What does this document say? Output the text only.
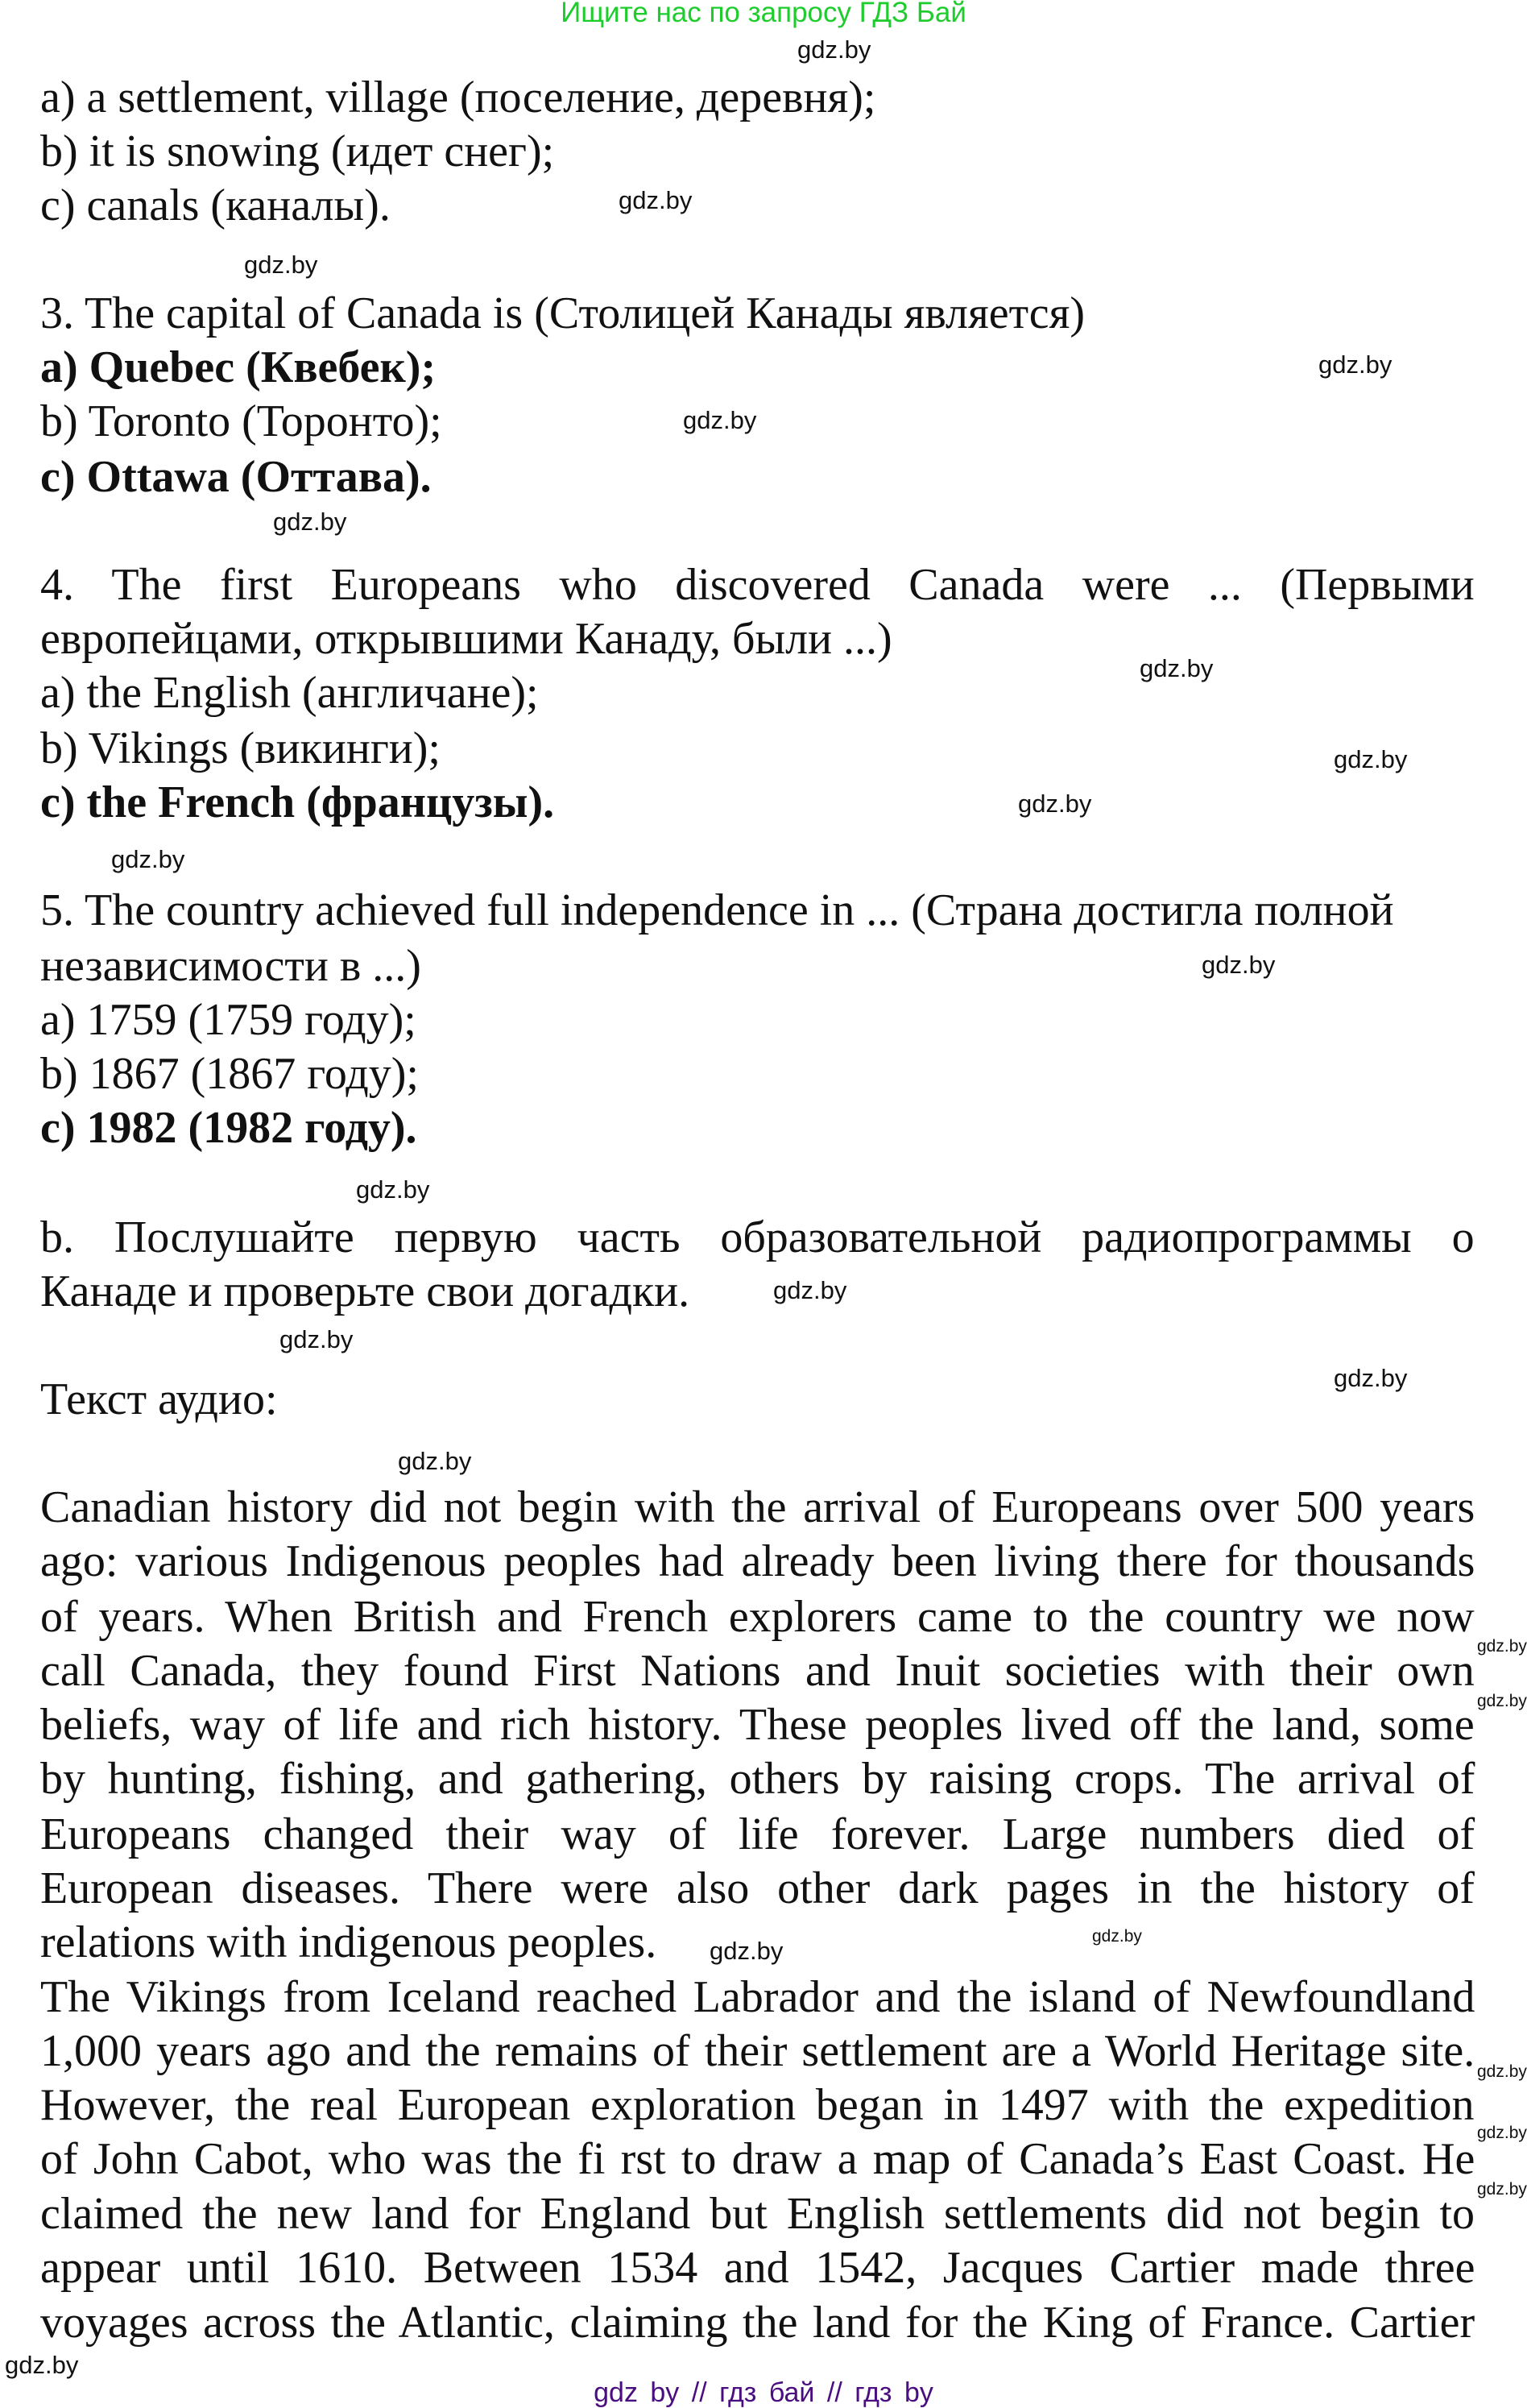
Ищите нас по запросу ГДЗ Бай
a) a settlement, village (поселение, деревня);
b) it is snowing (идет снег);
c) canals (каналы).
3. The capital of Canada is (Столицей Канады является)
a) Quebec (Квебек);
b) Toronto (Торонто);
c) Ottawa (Оттава).
4. The first Europeans who discovered Canada were ... (Первыми
европейцами, открывшими Канаду, были ...)
a) the English (англичане);
b) Vikings (викинги);
c) the French (французы).
5. The country achieved full independence in ... (Страна достигла полной
независимости в ...)
a) 1759 (1759 году);
b) 1867 (1867 году);
c) 1982 (1982 году).
b. Послушайте первую часть образовательной радиопрограммы о
Канаде и проверьте свои догадки.
Текст аудио:
Canadian history did not begin with the arrival of Europeans over 500 years
ago: various Indigenous peoples had already been living there for thousands
of years. When British and French explorers came to the country we now
call Canada, they found First Nations and Inuit societies with their own
beliefs, way of life and rich history. These peoples lived off the land, some
by hunting, fishing, and gathering, others by raising crops. The arrival of
Europeans changed their way of life forever. Large numbers died of
European diseases. There were also other dark pages in the history of
relations with indigenous peoples.
The Vikings from Iceland reached Labrador and the island of Newfoundland
1,000 years ago and the remains of their settlement are a World Heritage site.
However, the real European exploration began in 1497 with the expedition
of John Cabot, who was the fi rst to draw a map of Canada’s East Coast. He
claimed the new land for England but English settlements did not begin to
appear until 1610. Between 1534 and 1542, Jacques Cartier made three
voyages across the Atlantic, claiming the land for the King of France. Cartier
gdz.by
gdz.by
gdz.by
gdz.by
gdz.by
gdz.by
gdz.by
gdz.by
gdz.by
gdz.by
gdz.by
gdz.by
gdz.by
gdz.by
gdz.by
gdz.by
gdz.by
gdz.by
gdz.by
gdz.by
gdz.by
gdz.by
gdz.by
gdz.by
gdz by // гдз бай // гдз by
